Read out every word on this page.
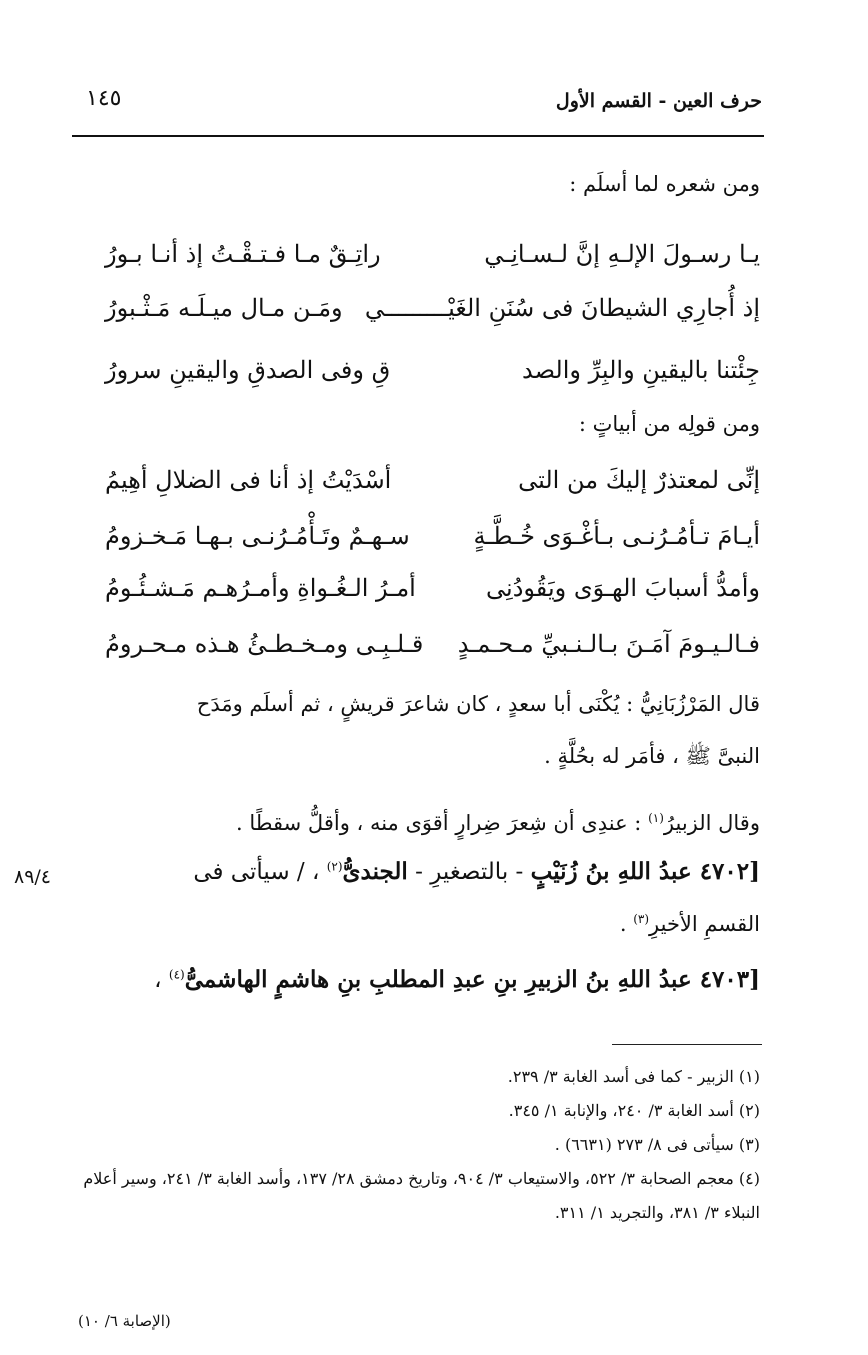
حرف العين - القسم الأول
١٤٥
ومن شعره لما أسلَم :
يـا رسـولَ الإلـهِ إنَّ لـسـانِـي
راتِـقٌ مـا فـتـقْـتُ إذ أنـا بـورُ
إذ أُجارِي الشيطانَ فى سُنَنِ الغَيْـــــــــي
ومَـن مـال ميـلَـه مَـثْـبورُ
جِئْتنا باليقينِ والبِرِّ والصد
قِ وفى الصدقِ واليقينِ سرورُ
ومن قولِه من أبياتٍ :
إنِّى لمعتذرٌ إليكَ من التى
أسْدَيْتُ إذ أنا فى الضلالِ أهِيمُ
أيـامَ تـأمُـرُنـى بـأغْـوَى خُـطَّـةٍ
سـهـمٌ وتَـأْمُـرُنـى بـهـا مَـخـزومُ
وأمدُّ أسبابَ الهـوَى ويَقُودُنِى
أمـرُ الـغُـواةِ وأمـرُهـم مَـشـئُـومُ
فـالـيـومَ آمَـنَ بـالـنـبيِّ مـحـمـدٍ
قـلـبِـى ومـخـطـئُ هـذه مـحـرومُ
قال المَرْزُبَانِيُّ : يُكْنَى أبا سعدٍ ، كان شاعرَ قريشٍ ، ثم أسلَم ومَدَح
النبىَّ ﷺ ، فأمَر له بحُلَّةٍ .
وقال الزبيرُ$^{(١)}$ : عندِى أن شِعرَ ضِرارٍ أقوَى منه ، وأقلُّ سقطًا .
[٤٧٠٢ عبدُ اللهِ بنُ زُنَيْبٍ - بالتصغيرِ - الجندىُّ$^{(٢)}$ ، / سيأتى فى
٨٩/٤
القسمِ الأخيرِ$^{(٣)}$ .
[٤٧٠٣ عبدُ اللهِ بنُ الزبيرِ بنِ عبدِ المطلبِ بنِ هاشمٍ الهاشمىُّ$^{(٤)}$ ،
(١) الزبير - كما فى أسد الغابة ٣/ ٢٣٩.
(٢) أسد الغابة ٣/ ٢٤٠، والإنابة ١/ ٣٤٥.
(٣) سيأتى فى ٨/ ٢٧٣ (٦٦٣١) .
(٤) معجم الصحابة ٣/ ٥٢٢، والاستيعاب ٣/ ٩٠٤، وتاريخ دمشق ٢٨/ ١٣٧، وأسد الغابة ٣/ ٢٤١، وسير أعلام النبلاء ٣/ ٣٨١، والتجريد ١/ ٣١١.
(الإصابة ٦/ ١٠)
